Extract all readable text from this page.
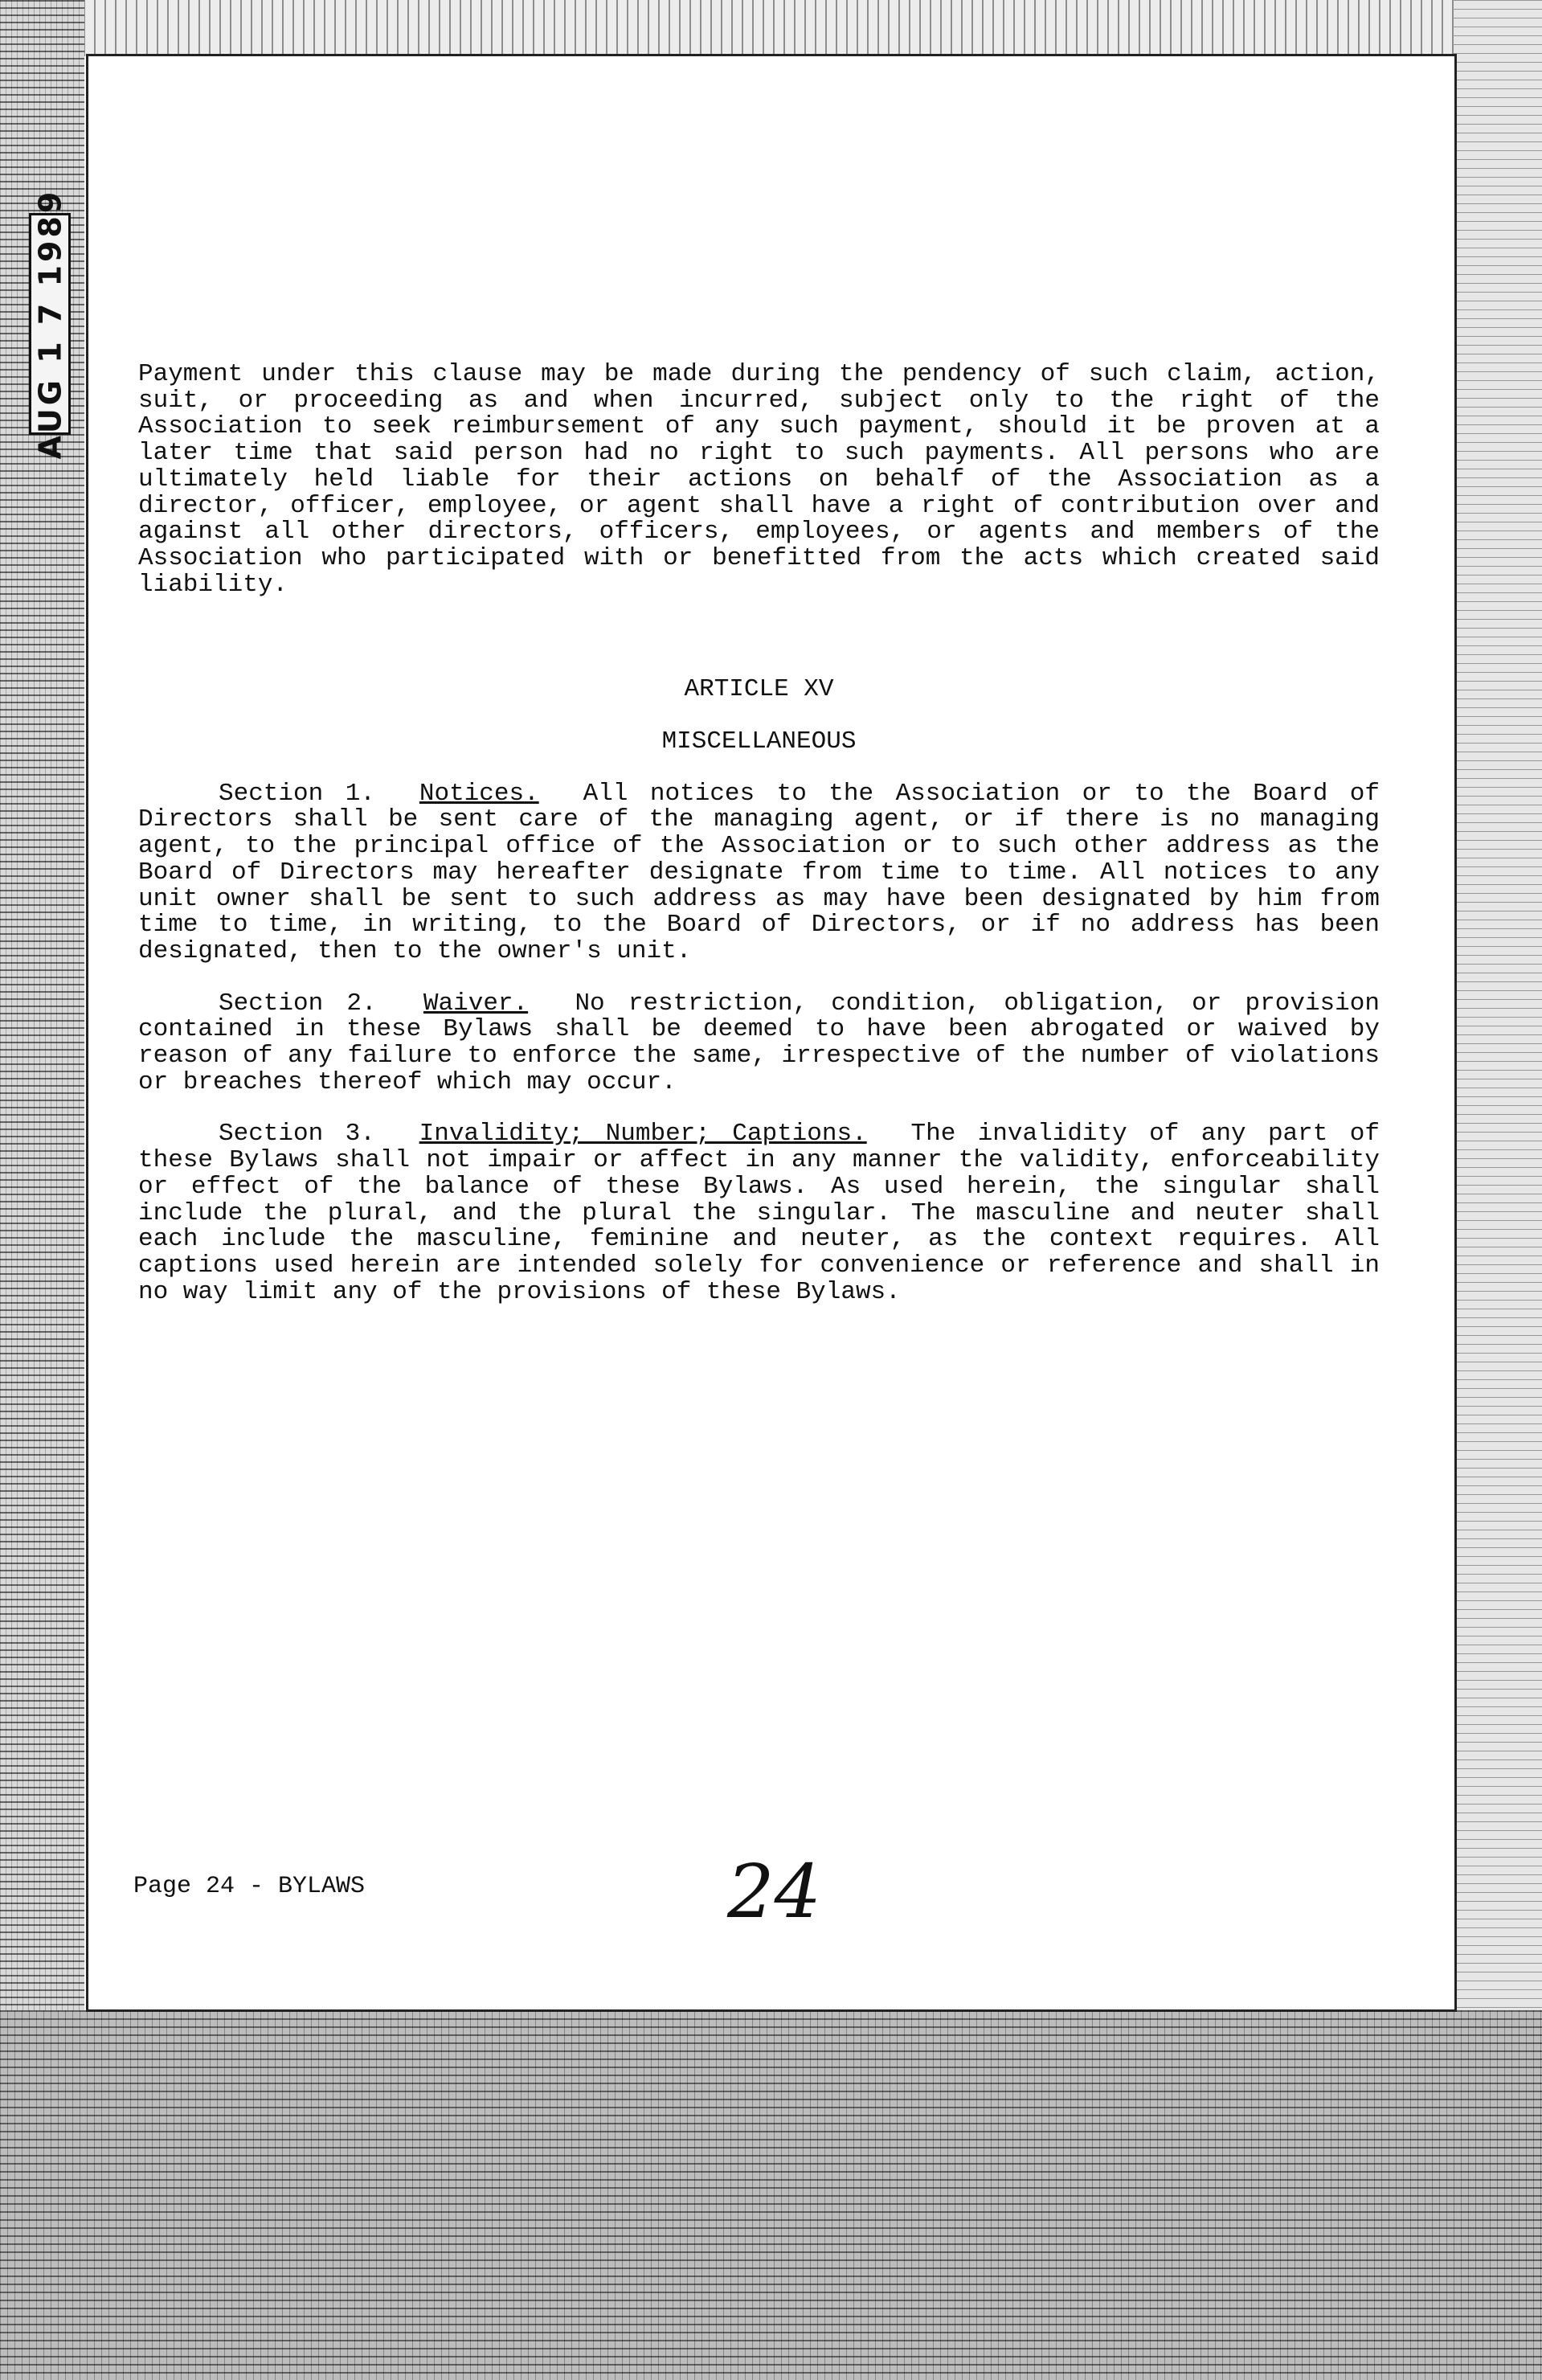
AUG 1 7 1989	Payment under this clause may be made during the pendency of such claim, action, suit, or proceeding as and when incurred, subject only to the right of the Association to seek reimbursement of any such payment, should it be proven at a later time that said person had no right to such payments. All persons who are ultimately held liable for their actions on behalf of the Association as a director, officer, employee, or agent shall have a right of contribution over and against all other directors, officers, employees, or agents and members of the Association who participated with or benefitted from the acts which created said liability.

ARTICLE XV

MISCELLANEOUS

Section 1. Notices. All notices to the Association or to the Board of Directors shall be sent care of the managing agent, or if there is no managing agent, to the principal office of the Association or to such other address as the Board of Directors may hereafter designate from time to time. All notices to any unit owner shall be sent to such address as may have been designated by him from time to time, in writing, to the Board of Directors, or if no address has been designated, then to the owner's unit.

Section 2. Waiver. No restriction, condition, obligation, or provision contained in these Bylaws shall be deemed to have been abrogated or waived by reason of any failure to enforce the same, irrespective of the number of violations or breaches thereof which may occur.

Section 3. Invalidity; Number; Captions. The invalidity of any part of these Bylaws shall not impair or affect in any manner the validity, enforceability or effect of the balance of these Bylaws. As used herein, the singular shall include the plural, and the plural the singular. The masculine and neuter shall each include the masculine, feminine and neuter, as the context requires. All captions used herein are intended solely for convenience or reference and shall in no way limit any of the provisions of these Bylaws.

Page 24 - BYLAWS	24
